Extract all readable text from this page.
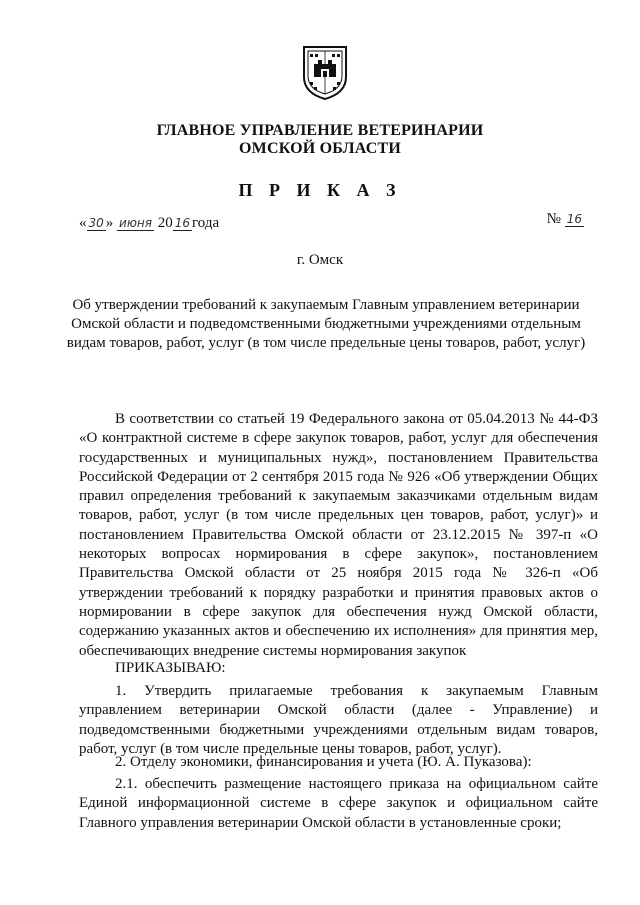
ГЛАВНОЕ УПРАВЛЕНИЕ ВЕТЕРИНАРИИ
ОМСКОЙ ОБЛАСТИ
П Р И К А З
« 30 » июня 20 16 года	№ 16
г. Омск
Об утверждении требований к закупаемым Главным управлением ветеринарии Омской области и подведомственными бюджетными учреждениями отдельным видам товаров, работ, услуг (в том числе предельные цены товаров, работ, услуг)
В соответствии со статьей 19 Федерального закона от 05.04.2013 № 44-ФЗ «О контрактной системе в сфере закупок товаров, работ, услуг для обеспечения государственных и муниципальных нужд», постановлением Правительства Российской Федерации от 2 сентября 2015 года № 926 «Об утверждении Общих правил определения требований к закупаемым заказчиками отдельным видам товаров, работ, услуг (в том числе предельных цен товаров, работ, услуг)» и постановлением Правительства Омской области от 23.12.2015 № 397-п «О некоторых вопросах нормирования в сфере закупок», постановлением Правительства Омской области от 25 ноября 2015 года № 326-п «Об утверждении требований к порядку разработки и принятия правовых актов о нормировании в сфере закупок для обеспечения нужд Омской области, содержанию указанных актов и обеспечению их исполнения» для принятия мер, обеспечивающих внедрение системы нормирования закупок
ПРИКАЗЫВАЮ:
1. Утвердить прилагаемые требования к закупаемым Главным управлением ветеринарии Омской области (далее - Управление) и подведомственными бюджетными учреждениями отдельным видам товаров, работ, услуг (в том числе предельные цены товаров, работ, услуг).
2. Отделу экономики, финансирования и учета (Ю. А. Пуказова):
2.1. обеспечить размещение настоящего приказа на официальном сайте Единой информационной системе в сфере закупок и официальном сайте Главного управления ветеринарии Омской области в установленные сроки;
